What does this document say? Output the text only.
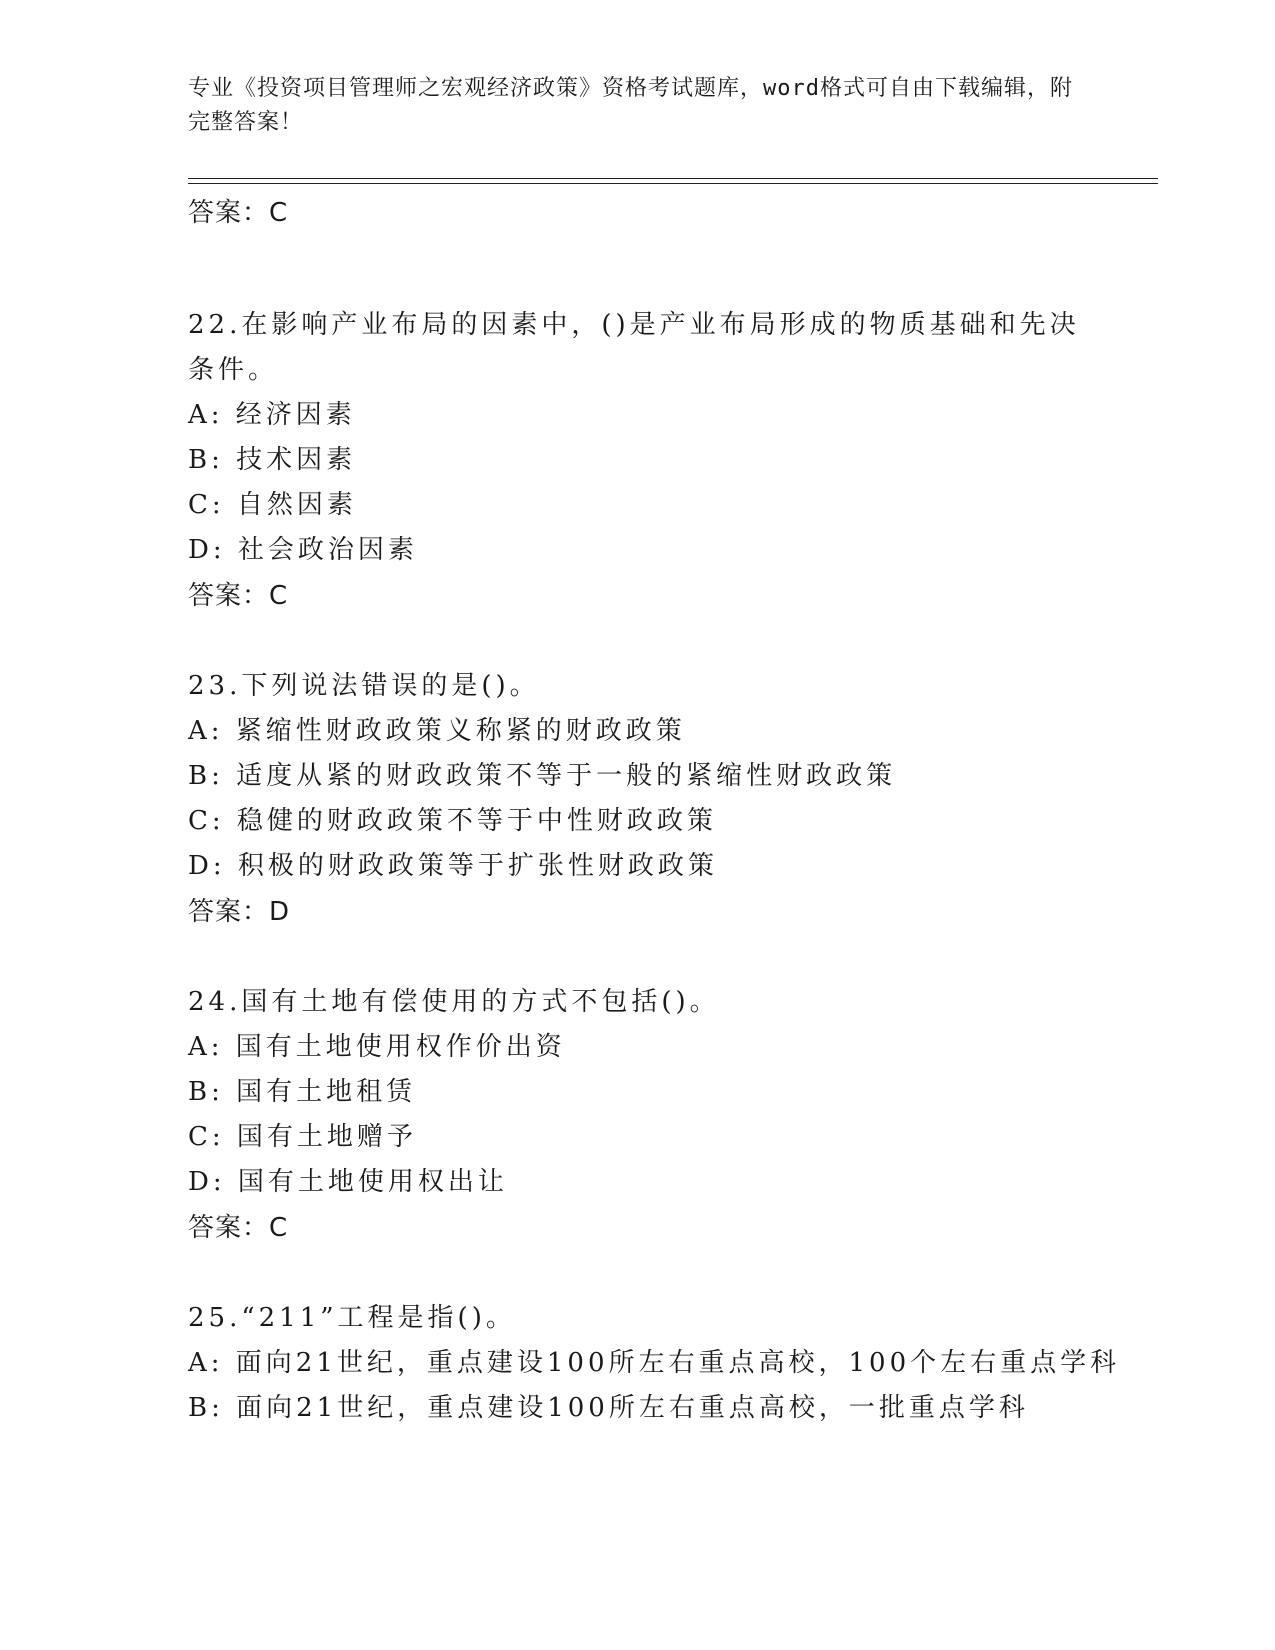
专业《投资项目管理师之宏观经济政策》资格考试题库，word格式可自由下载编辑，附完整答案！

答案：C

22.在影响产业布局的因素中，()是产业布局形成的物质基础和先决条件。

A: 经济因素

B: 技术因素

C: 自然因素

D: 社会政治因素

答案：C

23.下列说法错误的是()。

A: 紧缩性财政政策义称紧的财政政策

B: 适度从紧的财政政策不等于一般的紧缩性财政政策

C: 稳健的财政政策不等于中性财政政策

D: 积极的财政政策等于扩张性财政政策

答案：D

24.国有土地有偿使用的方式不包括()。

A: 国有土地使用权作价出资

B: 国有土地租赁

C: 国有土地赠予

D: 国有土地使用权出让

答案：C

25.“211”工程是指()。

A: 面向21世纪，重点建设100所左右重点高校，100个左右重点学科

B: 面向21世纪，重点建设100所左右重点高校，一批重点学科
